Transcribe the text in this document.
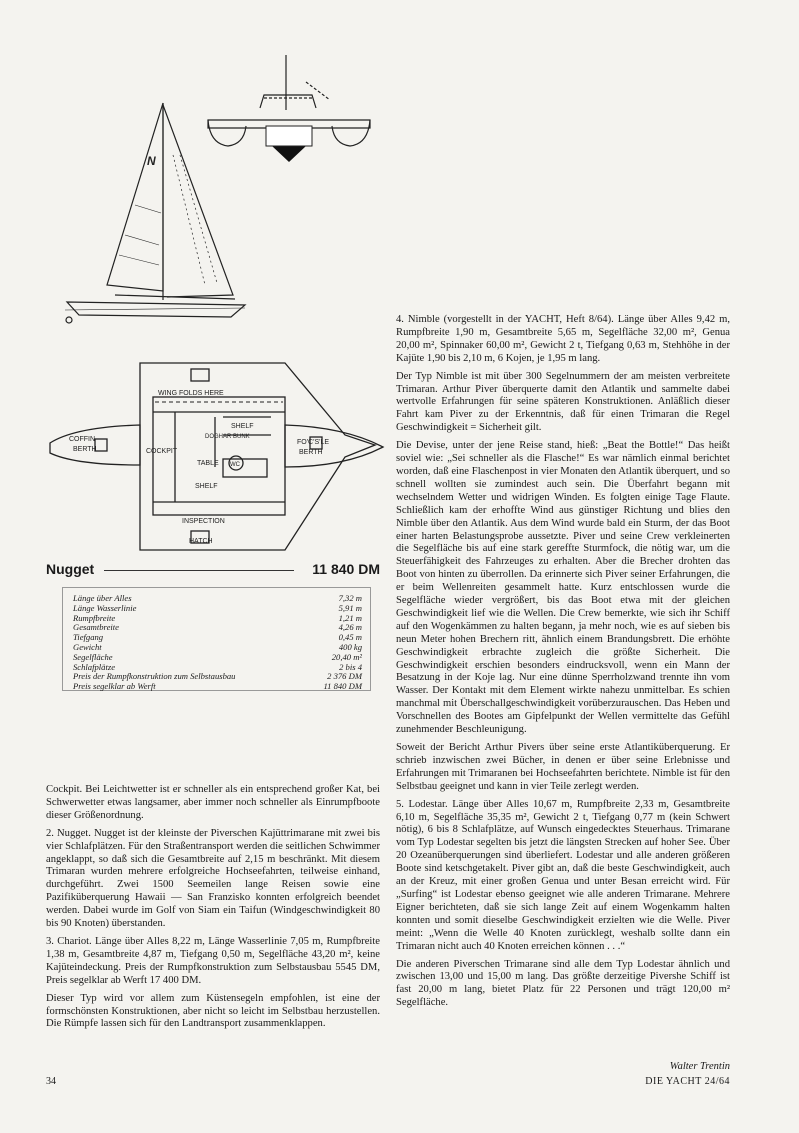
N
WING FOLDS HERE
SHELF
DOGHAR BUNK
COCKPIT
TABLE WC
SHELF
COFFIN
BERTH
FO'C'S'LE
BERTH
INSPECTION
HATCH
Nugget	11 840 DM
Länge über Alles	7,32 m
Länge Wasserlinie	5,91 m
Rumpfbreite	1,21 m
Gesamtbreite	4,26 m
Tiefgang	0,45 m
Gewicht	400 kg
Segelfläche	20,40 m²
Schlafplätze	2 bis 4
Preis der Rumpfkonstruktion zum Selbstausbau	2 376 DM
Preis segelklar ab Werft	11 840 DM

Cockpit. Bei Leichtwetter ist er schneller als ein entsprechend großer Kat, bei Schwerwetter etwas langsamer, aber immer noch schneller als Einrumpfboote dieser Größenordnung.

2. Nugget. Nugget ist der kleinste der Piverschen Kajüttrimarane mit zwei bis vier Schlafplätzen. Für den Straßentransport werden die seitlichen Schwimmer angeklappt, so daß sich die Gesamtbreite auf 2,15 m beschränkt. Mit diesem Trimaran wurden mehrere erfolgreiche Hochseefahrten, teilweise einhand, durchgeführt. Zwei 1500 Seemeilen lange Reisen sowie eine Pazifiküberquerung Hawaii — San Franzisko konnten erfolgreich beendet werden. Dabei wurde im Golf von Siam ein Taifun (Windgeschwindigkeit 80 bis 90 Knoten) überstanden.

3. Chariot. Länge über Alles 8,22 m, Länge Wasserlinie 7,05 m, Rumpfbreite 1,38 m, Gesamtbreite 4,87 m, Tiefgang 0,50 m, Segelfläche 43,20 m², keine Kajüteindeckung. Preis der Rumpfkonstruktion zum Selbstausbau 5545 DM, Preis segelklar ab Werft 17 400 DM.

Dieser Typ wird vor allem zum Küstensegeln empfohlen, ist eine der formschönsten Konstruktionen, aber nicht so leicht im Selbstbau herzustellen. Die Rümpfe lassen sich für den Landtransport zusammenklappen.

4. Nimble (vorgestellt in der YACHT, Heft 8/64). Länge über Alles 9,42 m, Rumpfbreite 1,90 m, Gesamtbreite 5,65 m, Segelfläche 32,00 m², Genua 20,00 m², Spinnaker 60,00 m², Gewicht 2 t, Tiefgang 0,63 m, Stehhöhe in der Kajüte 1,90 bis 2,10 m, 6 Kojen, je 1,95 m lang.

Der Typ Nimble ist mit über 300 Segelnummern der am meisten verbreitete Trimaran. Arthur Piver überquerte damit den Atlantik und sammelte dabei wertvolle Erfahrungen für seine späteren Konstruktionen. Anläßlich dieser Fahrt kam Piver zu der Erkenntnis, daß für einen Trimaran die Regel Geschwindigkeit = Sicherheit gilt.

Die Devise, unter der jene Reise stand, hieß: „Beat the Bottle!“ Das heißt soviel wie: „Sei schneller als die Flasche!“ Es war nämlich einmal berichtet worden, daß eine Flaschenpost in vier Monaten den Atlantik überquert, und so schnell wollten sie zumindest auch sein. Die Überfahrt begann mit wechselndem Wetter und widrigen Winden. Es folgten einige Tage Flaute. Schließlich kam der erhoffte Wind aus günstiger Richtung und blies den Nimble über den Atlantik. Aus dem Wind wurde bald ein Sturm, der das Boot einer harten Belastungsprobe aussetzte. Piver und seine Crew verkleinerten die Segelfläche bis auf eine stark gereffte Sturmfock, die nötig war, um die Steuerfähigkeit des Fahrzeuges zu erhalten. Aber die Brecher drohten das Boot von hinten zu überrollen. Da erinnerte sich Piver seiner Erfahrungen, die er beim Wellenreiten gesammelt hatte. Kurz entschlossen wurde die Segelfläche wieder vergrößert, bis das Boot etwa mit der gleichen Geschwindigkeit lief wie die Wellen. Die Crew bemerkte, wie sich ihr Schiff auf den Wogenkämmen zu halten begann, ja mehr noch, wie es auf sieben bis neun Meter hohen Brechern ritt, ähnlich einem Brandungsbrett. Die erhöhte Geschwindigkeit erbrachte zugleich die größte Sicherheit. Die Geschwindigkeit erschien besonders eindrucksvoll, wenn ein Mann der Besatzung in der Koje lag. Nur eine dünne Sperrholzwand trennte ihn vom Wasser. Der Kontakt mit dem Element wirkte nahezu unmittelbar. Es schien manchmal mit Überschallgeschwindigkeit vorüberzurauschen. Das Heben und Vorschnellen des Bootes am Gipfelpunkt der Wellen vermittelte das Gefühl zunehmender Beschleunigung.

Soweit der Bericht Arthur Pivers über seine erste Atlantiküberquerung. Er schrieb inzwischen zwei Bücher, in denen er über seine Erlebnisse und Erfahrungen mit Trimaranen bei Hochseefahrten berichtete. Nimble ist für den Selbstbau geeignet und kann in vier Teile zerlegt werden.

5. Lodestar. Länge über Alles 10,67 m, Rumpfbreite 2,33 m, Gesamtbreite 6,10 m, Segelfläche 35,35 m², Gewicht 2 t, Tiefgang 0,77 m (kein Schwert nötig), 6 bis 8 Schlafplätze, auf Wunsch eingedecktes Steuerhaus. Trimarane vom Typ Lodestar segelten bis jetzt die längsten Strecken auf hoher See. Über 20 Ozeanüberquerungen sind überliefert. Lodestar und alle anderen größeren Boote sind ketschgetakelt. Piver gibt an, daß die beste Geschwindigkeit, auch an der Kreuz, mit einer großen Genua und unter Besan erreicht wird. Für „Surfing“ ist Lodestar ebenso geeignet wie alle anderen Trimarane. Mehrere Eigner berichteten, daß sie sich lange Zeit auf einem Wogenkamm halten konnten und somit dieselbe Geschwindigkeit erzielten wie die Welle. Piver meint: „Wenn die Welle 40 Knoten zurücklegt, weshalb sollte dann ein Trimaran nicht auch 40 Knoten erreichen können . . .“

Die anderen Piverschen Trimarane sind alle dem Typ Lodestar ähnlich und zwischen 13,00 und 15,00 m lang. Das größte derzeitige Pivershe Schiff ist fast 20,00 m lang, bietet Platz für 22 Personen und trägt 120,00 m² Segelfläche.

Walter Trentin
34	DIE YACHT 24/64
